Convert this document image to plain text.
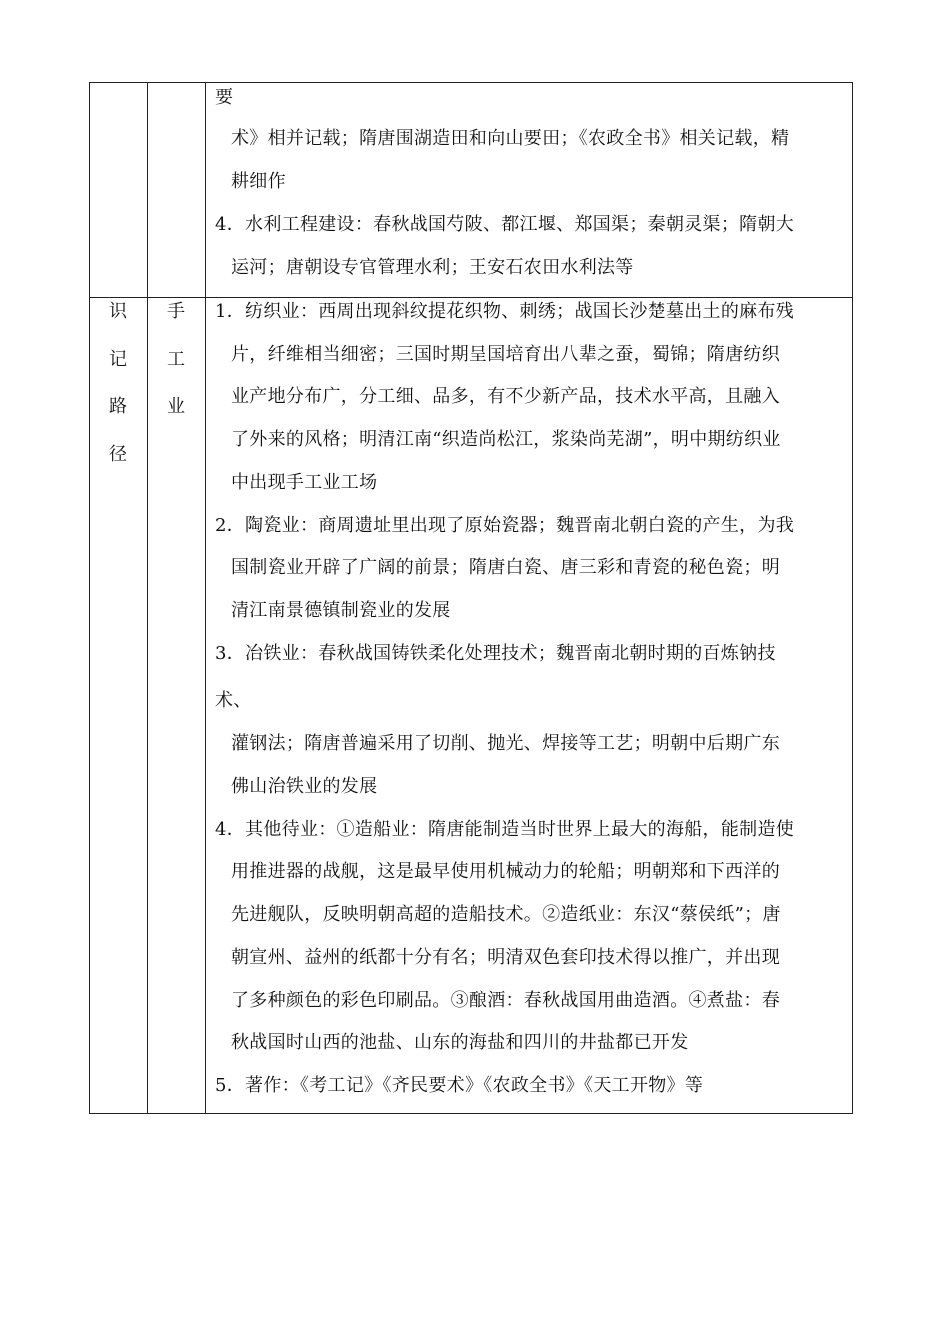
要
术》相并记载；隋唐围湖造田和向山要田；《农政全书》相关记载，精
耕细作
4．水利工程建设：春秋战国芍陂、都江堰、郑国渠；秦朝灵渠；隋朝大
运河；唐朝设专官管理水利；王安石农田水利法等
识
记
路
径
手
工
业
1．纺织业：西周出现斜纹提花织物、刺绣；战国长沙楚墓出土的麻布残
片，纤维相当细密；三国时期呈国培育出八辈之蚕，蜀锦；隋唐纺织
业产地分布广，分工细、品多，有不少新产品，技术水平高，且融入
了外来的风格；明清江南“织造尚松江，浆染尚芜湖”，明中期纺织业
中出现手工业工场
2．陶瓷业：商周遗址里出现了原始瓷器；魏晋南北朝白瓷的产生，为我
国制瓷业开辟了广阔的前景；隋唐白瓷、唐三彩和青瓷的秘色瓷；明
清江南景德镇制瓷业的发展
3．冶铁业：春秋战国铸铁柔化处理技术；魏晋南北朝时期的百炼钠技
术、
灌钢法；隋唐普遍采用了切削、抛光、焊接等工艺；明朝中后期广东
佛山治铁业的发展
4．其他待业：①造船业：隋唐能制造当时世界上最大的海船，能制造使
用推进器的战舰，这是最早使用机械动力的轮船；明朝郑和下西洋的
先进舰队，反映明朝高超的造船技术。②造纸业：东汉“蔡侯纸”；唐
朝宣州、益州的纸都十分有名；明清双色套印技术得以推广，并出现
了多种颜色的彩色印刷品。③酿酒：春秋战国用曲造酒。④煮盐：春
秋战国时山西的池盐、山东的海盐和四川的井盐都已开发
5．著作：《考工记》《齐民要术》《农政全书》《天工开物》等
